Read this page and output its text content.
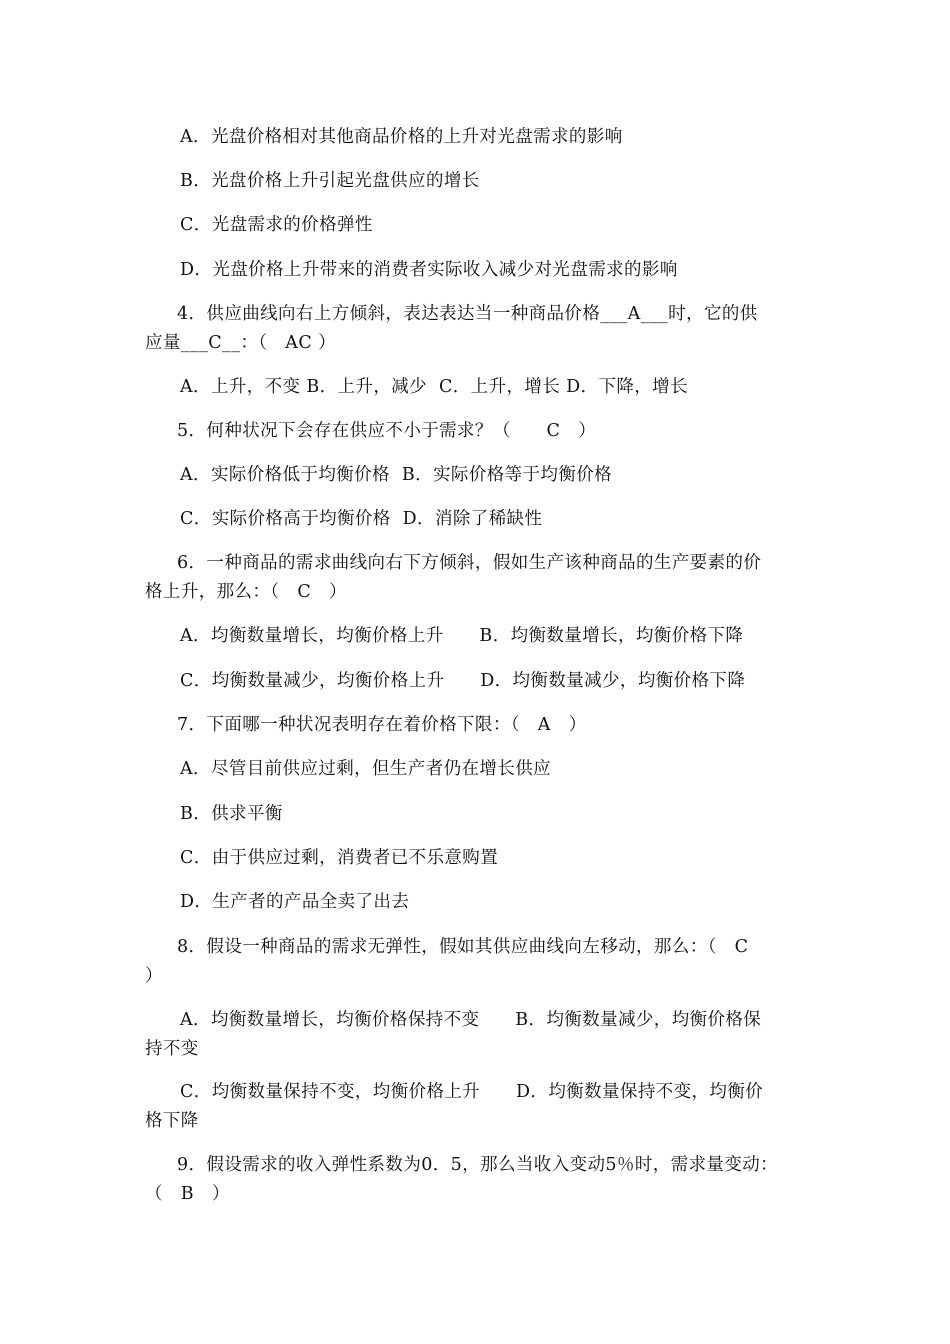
A．光盘价格相对其他商品价格的上升对光盘需求的影响
B．光盘价格上升引起光盘供应的增长
C．光盘需求的价格弹性
D．光盘价格上升带来的消费者实际收入减少对光盘需求的影响
4．供应曲线向右上方倾斜，表达表达当一种商品价格___A___时，它的供
应量___C__：（　AC ）
A．上升，不变 B．上升，减少  C．上升，增长 D．下降，增长
5．何种状况下会存在供应不小于需求？（　　C　）
A．实际价格低于均衡价格  B．实际价格等于均衡价格
C．实际价格高于均衡价格  D．消除了稀缺性
6．一种商品的需求曲线向右下方倾斜，假如生产该种商品的生产要素的价
格上升，那么：（　C　）
A．均衡数量增长，均衡价格上升　　B．均衡数量增长，均衡价格下降
C．均衡数量减少，均衡价格上升　　D．均衡数量减少，均衡价格下降
7．下面哪一种状况表明存在着价格下限：（　A　）
A．尽管目前供应过剩，但生产者仍在增长供应
B．供求平衡
C．由于供应过剩，消费者已不乐意购置
D．生产者的产品全卖了出去
8．假设一种商品的需求无弹性，假如其供应曲线向左移动，那么：（　C
）
A．均衡数量增长，均衡价格保持不变　　B．均衡数量减少，均衡价格保
持不变
C．均衡数量保持不变，均衡价格上升　　D．均衡数量保持不变，均衡价
格下降
9．假设需求的收入弹性系数为0．5，那么当收入变动5％时，需求量变动：
（　B　）
